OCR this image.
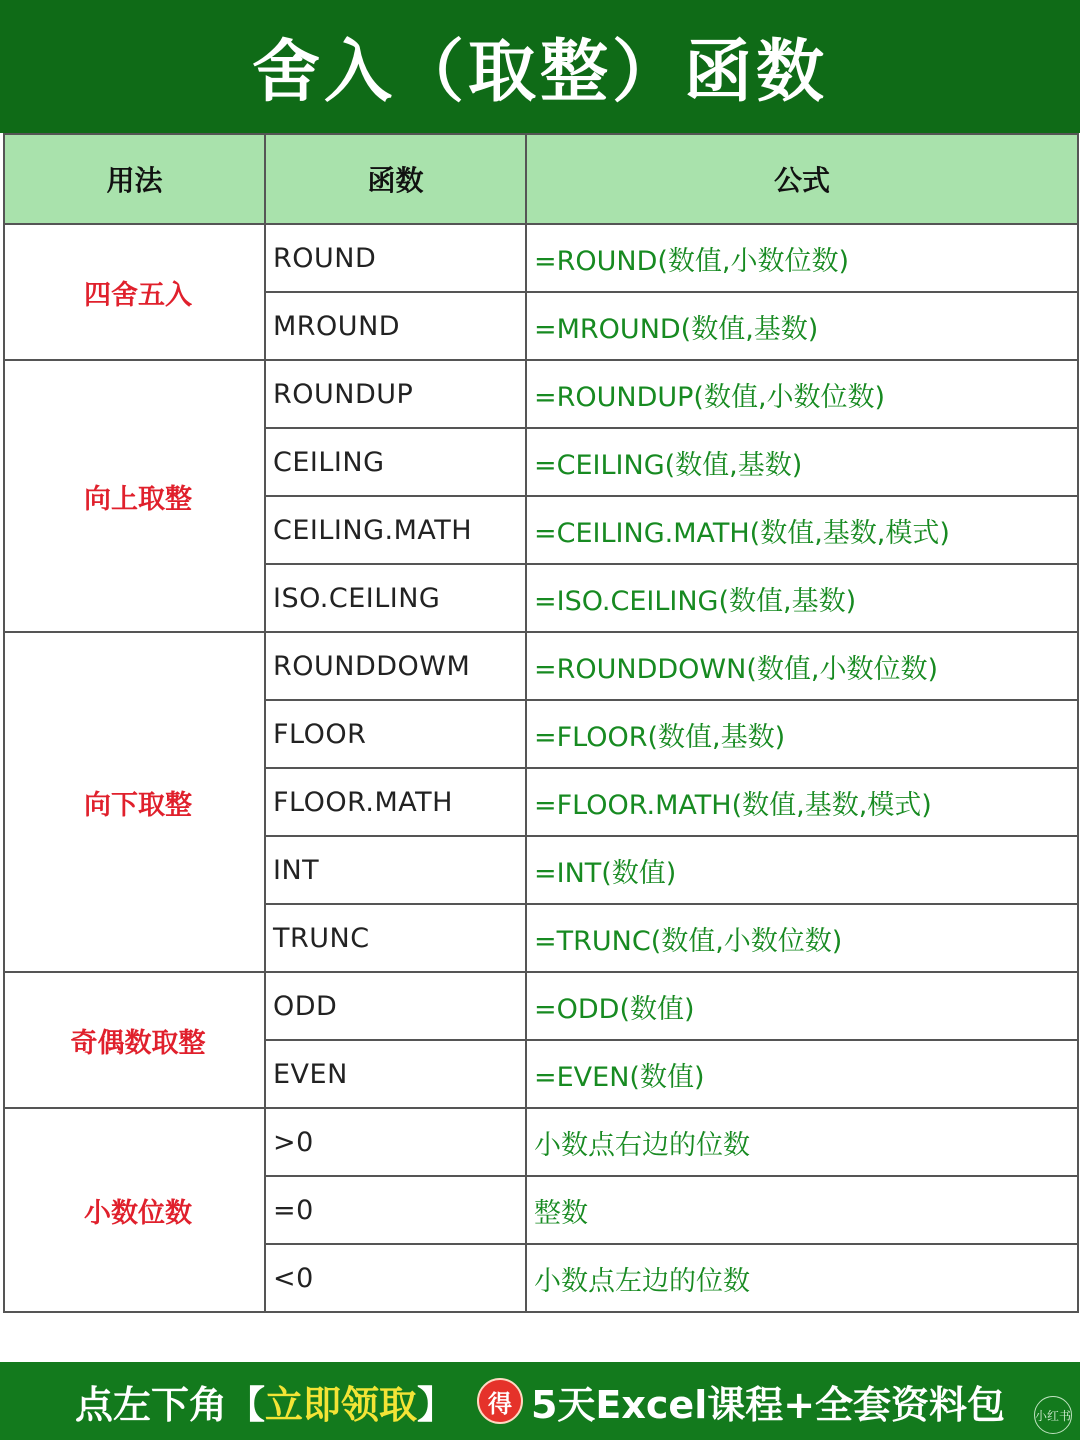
舍入（取整）函数
用法	函数	公式
四舍五入	ROUND	=ROUND(数值,小数位数)
	MROUND	=MROUND(数值,基数)
向上取整	ROUNDUP	=ROUNDUP(数值,小数位数)
	CEILING	=CEILING(数值,基数)
	CEILING.MATH	=CEILING.MATH(数值,基数,模式)
	ISO.CEILING	=ISO.CEILING(数值,基数)
向下取整	ROUNDDOWM	=ROUNDDOWN(数值,小数位数)
	FLOOR	=FLOOR(数值,基数)
	FLOOR.MATH	=FLOOR.MATH(数值,基数,模式)
	INT	=INT(数值)
	TRUNC	=TRUNC(数值,小数位数)
奇偶数取整	ODD	=ODD(数值)
	EVEN	=EVEN(数值)
小数位数	>0	小数点右边的位数
	=0	整数
	<0	小数点左边的位数
点左下角【 立即领取 】	得 5天Excel课程+全套资料包 小红书
